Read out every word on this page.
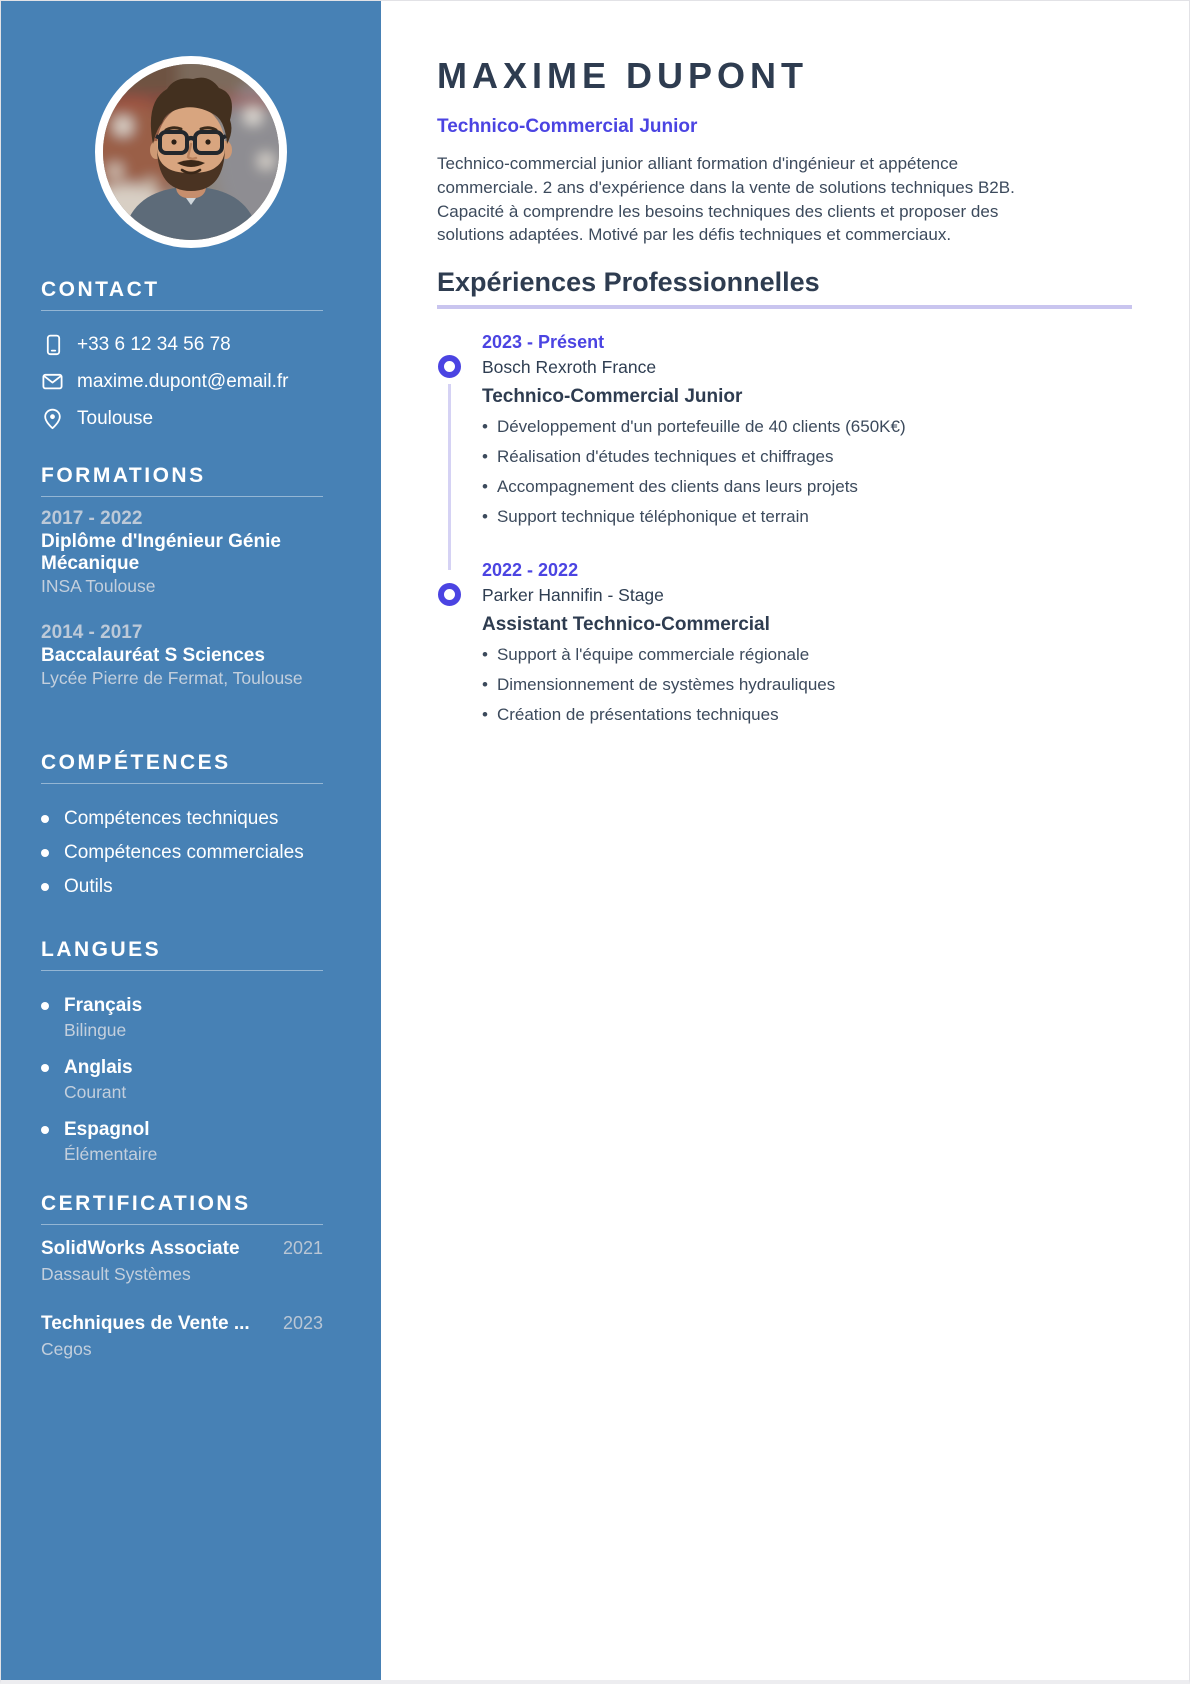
CONTACT
+33 6 12 34 56 78
maxime.dupont@email.fr
Toulouse
FORMATIONS
2017 - 2022
Diplôme d'Ingénieur Génie Mécanique
INSA Toulouse
2014 - 2017
Baccalauréat S Sciences
Lycée Pierre de Fermat, Toulouse
COMPÉTENCES
Compétences techniques
Compétences commerciales
Outils
LANGUES
Français
Bilingue
Anglais
Courant
Espagnol
Élémentaire
CERTIFICATIONS
SolidWorks Associate 2021
Dassault Systèmes
Techniques de Vente ... 2023
Cegos
MAXIME DUPONT
Technico-Commercial Junior

Technico-commercial junior alliant formation d'ingénieur et appétence commerciale. 2 ans d'expérience dans la vente de solutions techniques B2B. Capacité à comprendre les besoins techniques des clients et proposer des solutions adaptées. Motivé par les défis techniques et commerciaux.

Expériences Professionnelles
2023 - Présent
Bosch Rexroth France
Technico-Commercial Junior
• Développement d'un portefeuille de 40 clients (650K€)
• Réalisation d'études techniques et chiffrages
• Accompagnement des clients dans leurs projets
• Support technique téléphonique et terrain
2022 - 2022
Parker Hannifin - Stage
Assistant Technico-Commercial
• Support à l'équipe commerciale régionale
• Dimensionnement de systèmes hydrauliques
• Création de présentations techniques
